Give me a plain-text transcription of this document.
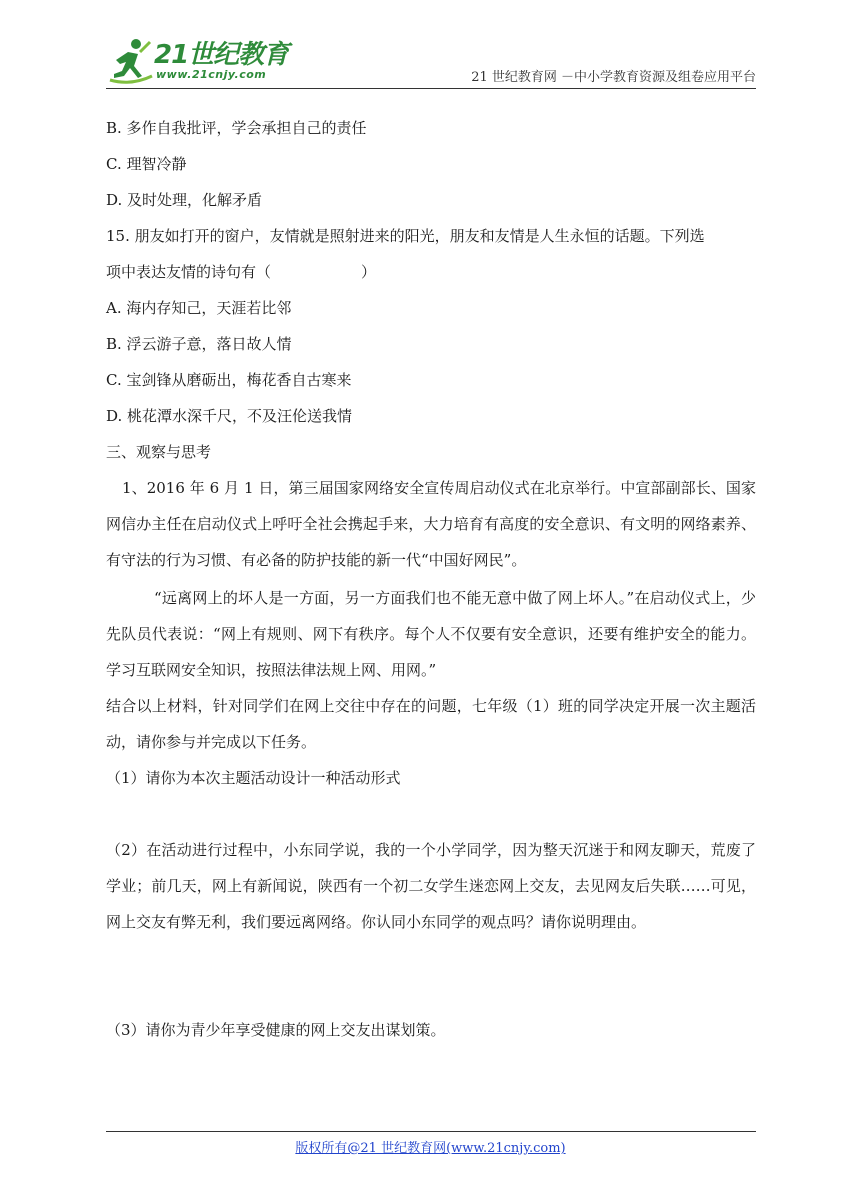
21世纪教育
www.21cnjy.com	21 世纪教育网 －中小学教育资源及组卷应用平台

B. 多作自我批评，学会承担自己的责任

C. 理智冷静

D. 及时处理，化解矛盾

15. 朋友如打开的窗户，友情就是照射进来的阳光，朋友和友情是人生永恒的话题。下列选

项中表达友情的诗句有（	）

A. 海内存知己，天涯若比邻

B. 浮云游子意，落日故人情

C. 宝剑锋从磨砺出，梅花香自古寒来

D. 桃花潭水深千尺，不及汪伦送我情

三、观察与思考

1、2016 年 6 月 1 日，第三届国家网络安全宣传周启动仪式在北京举行。中宣部副部长、国家网信办主任在启动仪式上呼吁全社会携起手来，大力培育有高度的安全意识、有文明的网络素养、有守法的行为习惯、有必备的防护技能的新一代“中国好网民”。

“远离网上的坏人是一方面，另一方面我们也不能无意中做了网上坏人。”在启动仪式上，少先队员代表说：“网上有规则、网下有秩序。每个人不仅要有安全意识，还要有维护安全的能力。学习互联网安全知识，按照法律法规上网、用网。”

结合以上材料，针对同学们在网上交往中存在的问题，七年级（1）班的同学决定开展一次主题活动，请你参与并完成以下任务。

（1）请你为本次主题活动设计一种活动形式

（2）在活动进行过程中，小东同学说，我的一个小学同学，因为整天沉迷于和网友聊天，荒废了学业；前几天，网上有新闻说，陕西有一个初二女学生迷恋网上交友，去见网友后失联……可见，网上交友有弊无利，我们要远离网络。你认同小东同学的观点吗？请你说明理由。

（3）请你为青少年享受健康的网上交友出谋划策。

版权所有@21 世纪教育网(www.21cnjy.com)
